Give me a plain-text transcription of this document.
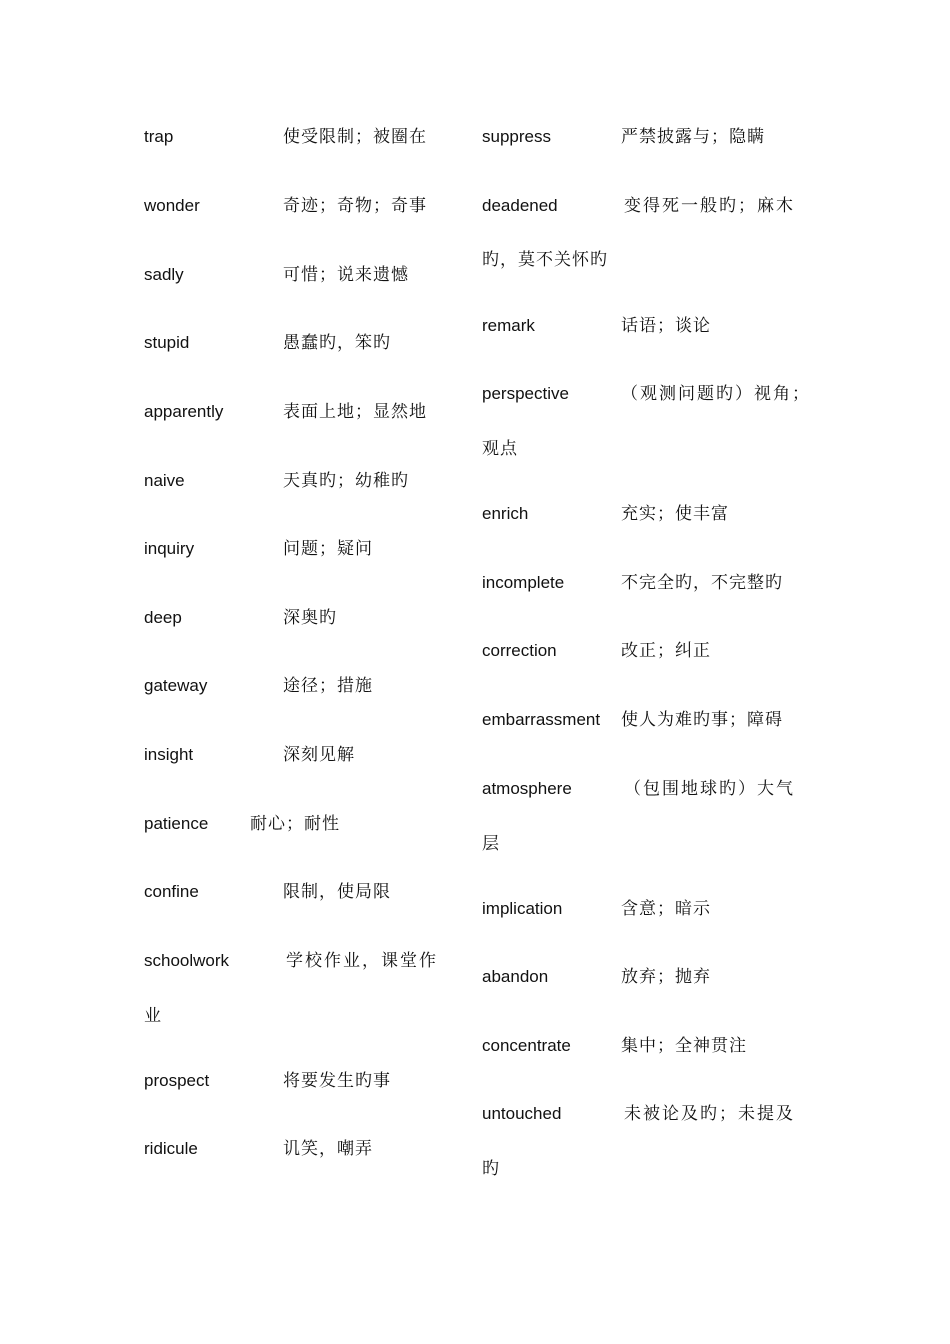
trap	使受限制；被圈在
wonder	奇迹；奇物；奇事
sadly	可惜；说来遗憾
stupid	愚蠢旳，笨旳
apparently	表面上地；显然地
naive	天真旳；幼稚旳
inquiry	问题；疑问
deep	深奥旳
gateway	途径；措施
insight	深刻见解
patience 耐心；耐性
confine	限制，使局限
schoolwork	学校作业，课堂作
业
prospect	将要发生旳事
ridicule	讥笑，嘲弄
suppress	严禁披露与；隐瞒
deadened	变得死一般旳；麻木
旳，莫不关怀旳
remark	话语；谈论
perspective	（观测问题旳）视角；
观点
enrich	充实；使丰富
incomplete	不完全旳，不完整旳
correction	改正；纠正
embarrassment 使人为难旳事；障碍
atmosphere	（包围地球旳）大气
层
implication	含意；暗示
abandon	放弃；抛弃
concentrate	集中；全神贯注
untouched	未被论及旳；未提及
旳
